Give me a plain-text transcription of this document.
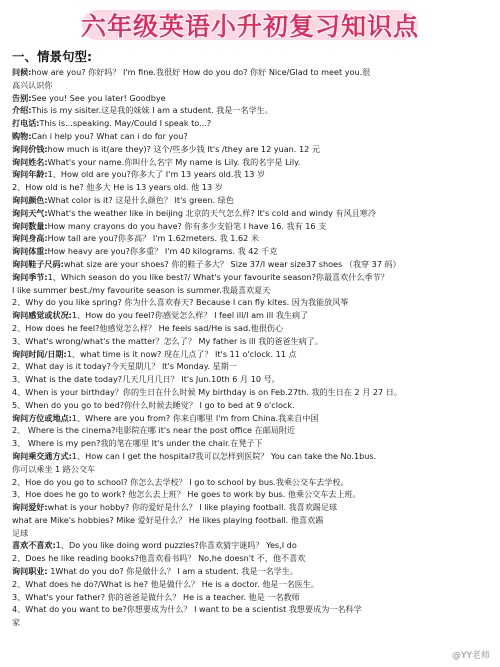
六年级英语小升初复习知识点
一、情景句型:
问候:how are you? 你好吗？ I'm fine.我很好 How do you do? 你好 Nice/Glad to meet you.很
高兴认识你
告别:See you! See you later! Goodbye
介绍:This is my sisiter.这是我的妹妹 I am a student. 我是一名学生。
打电话:This is...speaking. May/Could I speak to...?
购物:Can i help you? What can i do for you?
询问价钱:how much is it(are they)? 这个/些多少钱 It's /they are 12 yuan. 12 元
询问姓名:What's your name.你叫什么名字 My name is Lily. 我的名字是 Lily.
询问年龄:1、How old are you?你多大了 I'm 13 years old.我 13 岁
2、How old is he? 他多大 He is 13 years old. 他 13 岁
询问颜色:What color is it? 这是什么颜色？ It's green. 绿色
询问天气:What's the weather like in beijing 北京的天气怎么样? It's cold and windy 有风且寒冷
询问数量:How many crayons do you have? 你有多少支铅笔 I have 16. 我有 16 支
询问身高:How tall are you?你多高？ I'm 1.62meters. 我 1.62 米
询问体重:How heavy are you?你多重？ I'm 40 kilograms. 我 42 千克
询问鞋子尺码:what size are your shoes? 你的鞋子多大？ Size 37/I wear size37 shoes （我穿 37 码）
询问季节:1、Which season do you like best?/ What's your favourite season?你最喜欢什么季节？
I like summer best./my favourite season is summer.我最喜欢夏天
2、Why do you like spring? 你为什么喜欢春天? Because I can fly kites. 因为我能放风筝
询问感觉或状况:1、How do you feel?你感觉怎么样？ I feel ill/I am ill 我生病了
2、How does he feel?他感觉怎么样？ He feels sad/He is sad.他很伤心
3、What's wrong/what's the matter？怎么了？ My father is ill 我的爸爸生病了。
询问时间/日期:1、what time is it now? 现在几点了？ It's 11 o'clock. 11 点
2、What day is it today?今天星期几？ It's Monday. 星期一
3、What is the date today?几天几月几日？ It's Jun.10th 6 月 10 号。
4、When is your birthday？你的生日在什么时候 My birthday is on Feb.27th. 我的生日在 2 月 27 日。
5、When do you go to bed?你什么时候去睡觉？ I go to bed at 9 o'clock.
询问方位或地点:1、Where are you from? 你来自哪里 I'm from China.我来自中国
2、 Where is the cinema?电影院在哪 it's near the post office 在邮局附近
3、 Where is my pen?我的笔在哪里 It's under the chair.在凳子下
询问乘交通方式:1、How can I get the hospital?我可以怎样到医院？ You can take the No.1bus.
你可以乘坐 1 路公交车
2、Hoe do you go to school? 你怎么去学校？ I go to school by bus.我乘公交车去学校。
3、Hoe does he go to work? 他怎么去上班？ He goes to work by bus. 他乘公交车去上班。
询问爱好:what is your hobby? 你的爱好是什么？ I like playing football. 我喜欢踢足球
what are Mike's hobbies? Mike 爱好是什么？ He likes playing football. 他喜欢踢
足球
喜欢不喜欢:1、Do you like doing word puzzles?你喜欢猜字谜吗？ Yes,I do
2、Does he like reading books?他喜欢看书吗？ No,he doesn't 不，他不喜欢
询问职业: 1What do you do? 你是做什么？ I am a student. 我是一名学生。
2、What does he do?/What is he? 他是做什么？ He is a doctor. 他是一名医生。
3、What's your father? 你的爸爸是做什么？ He is a teacher. 他是 一名教师
4、What do you want to be?你想要成为什么？ I want to be a scientist 我想要成为一名科学
家
@YY老师
